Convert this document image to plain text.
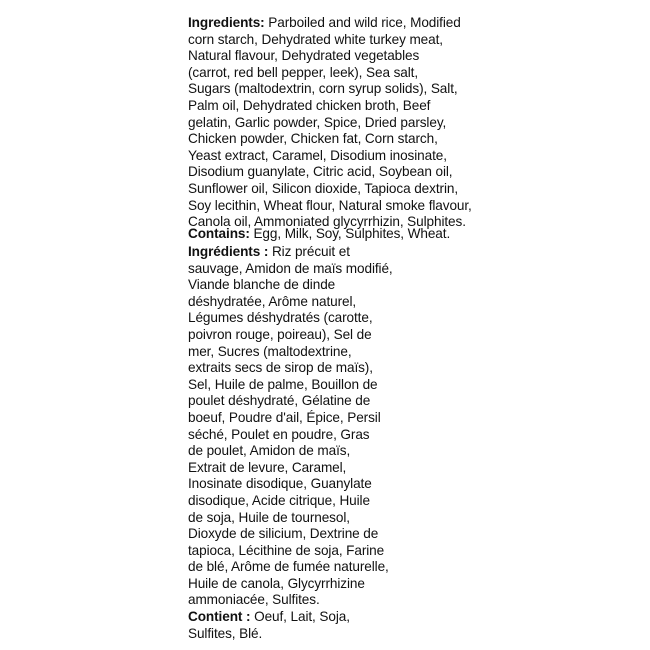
Ingredients: Parboiled and wild rice, Modified
corn starch, Dehydrated white turkey meat,
Natural flavour, Dehydrated vegetables
(carrot, red bell pepper, leek), Sea salt,
Sugars (maltodextrin, corn syrup solids), Salt,
Palm oil, Dehydrated chicken broth, Beef
gelatin, Garlic powder, Spice, Dried parsley,
Chicken powder, Chicken fat, Corn starch,
Yeast extract, Caramel, Disodium inosinate,
Disodium guanylate, Citric acid, Soybean oil,
Sunflower oil, Silicon dioxide, Tapioca dextrin,
Soy lecithin, Wheat flour, Natural smoke flavour,
Canola oil, Ammoniated glycyrrhizin, Sulphites.
Contains: Egg, Milk, Soy, Sulphites, Wheat.
Ingrédients : Riz précuit et
sauvage, Amidon de maïs modifié,
Viande blanche de dinde
déshydratée, Arôme naturel,
Légumes déshydratés (carotte,
poivron rouge, poireau), Sel de
mer, Sucres (maltodextrine,
extraits secs de sirop de maïs),
Sel, Huile de palme, Bouillon de
poulet déshydraté, Gélatine de
boeuf, Poudre d'ail, Épice, Persil
séché, Poulet en poudre, Gras
de poulet, Amidon de maïs,
Extrait de levure, Caramel,
Inosinate disodique, Guanylate
disodique, Acide citrique, Huile
de soja, Huile de tournesol,
Dioxyde de silicium, Dextrine de
tapioca, Lécithine de soja, Farine
de blé, Arôme de fumée naturelle,
Huile de canola, Glycyrrhizine
ammoniacée, Sulfites.
Contient : Oeuf, Lait, Soja,
Sulfites, Blé.
